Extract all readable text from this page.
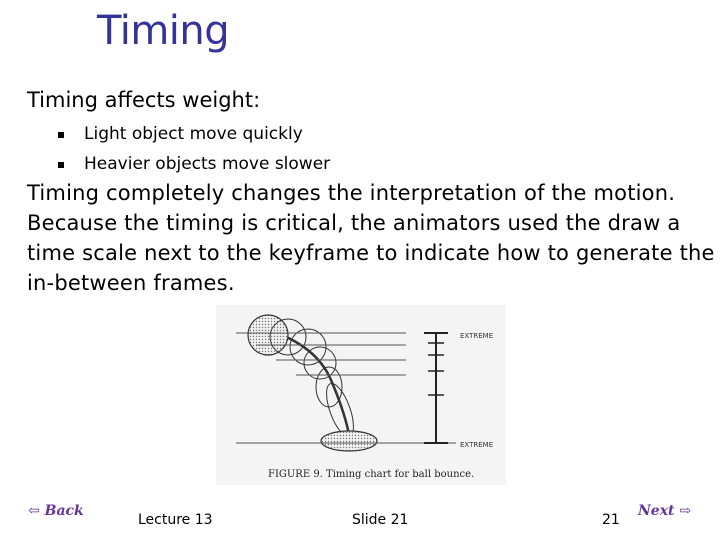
Timing
Timing affects weight:
Light object move quickly
Heavier objects move slower
Timing completely changes the interpretation of the motion. Because the timing is critical, the animators used the draw a time scale next to the keyframe to indicate how to generate the in-between frames.
EXTREME
EXTREME
FIGURE 9. Timing chart for ball bounce.
⇦ Back
Lecture 13	Slide 21	21
Next ⇨
